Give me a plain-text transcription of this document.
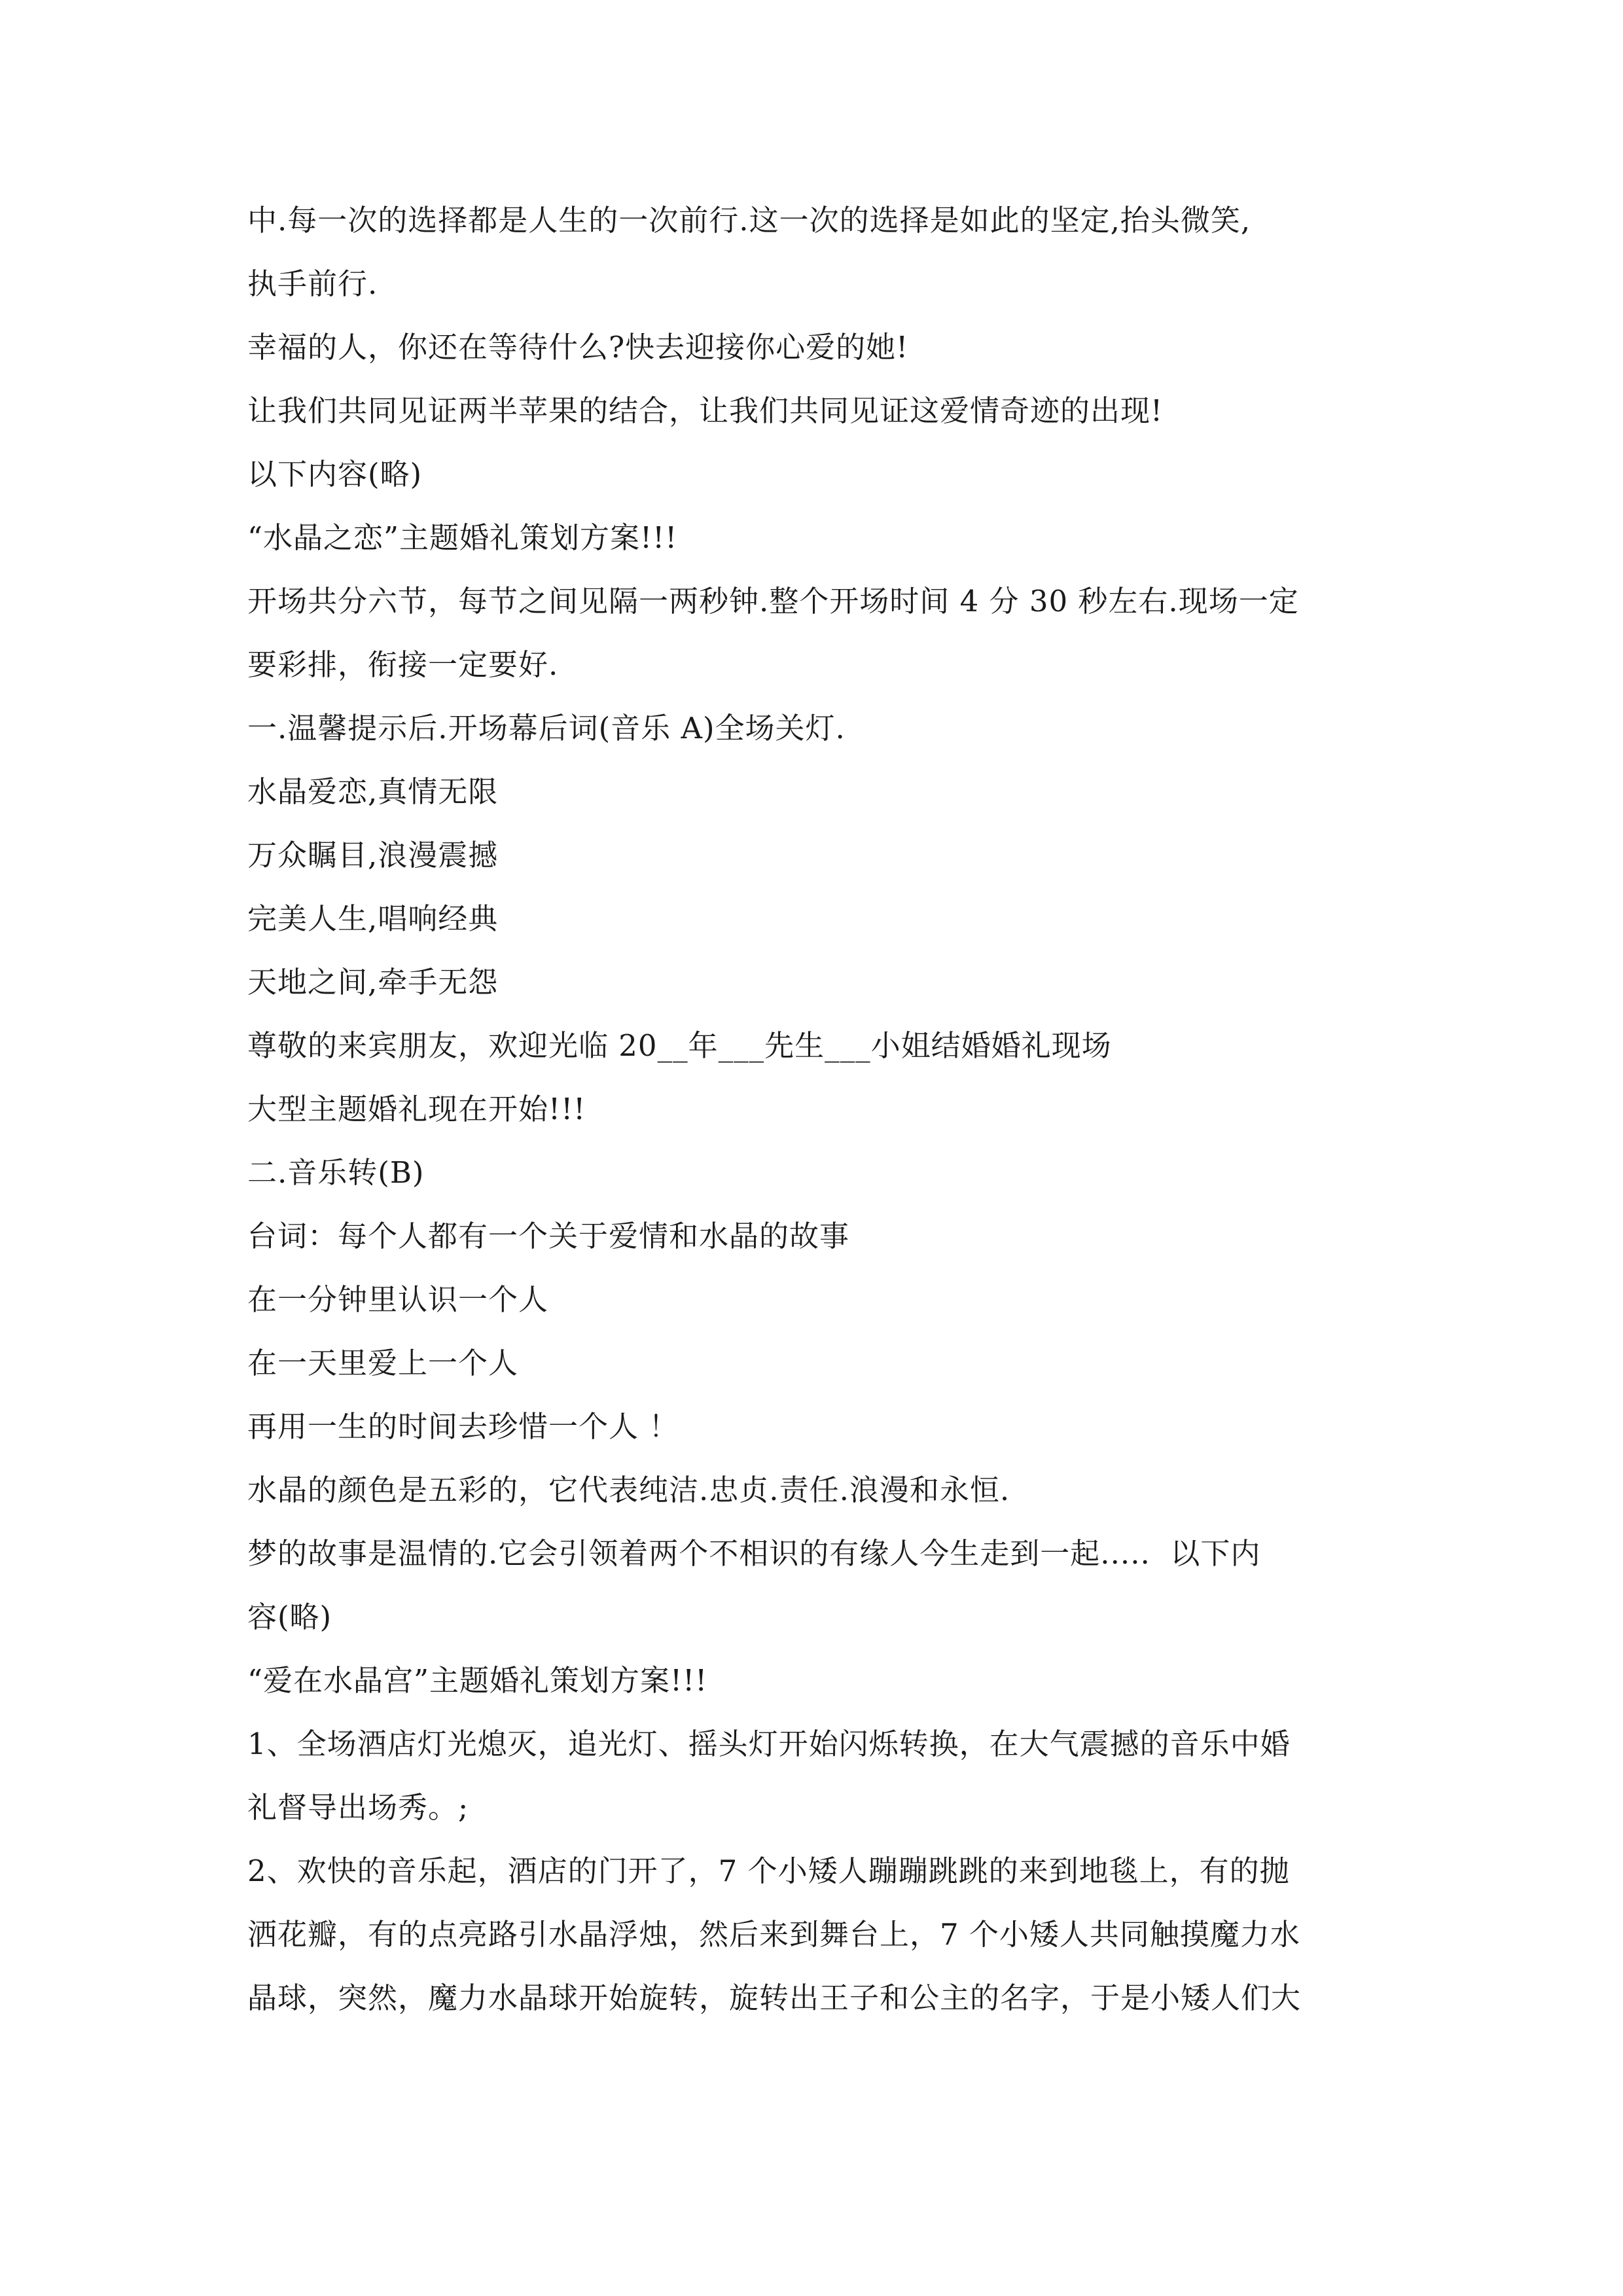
中.每一次的选择都是人生的一次前行.这一次的选择是如此的坚定,抬头微笑,
执手前行.
幸福的人，你还在等待什么?快去迎接你心爱的她!
让我们共同见证两半苹果的结合，让我们共同见证这爱情奇迹的出现!
以下内容(略)
“水晶之恋”主题婚礼策划方案!!!
开场共分六节，每节之间见隔一两秒钟.整个开场时间 4 分 30 秒左右.现场一定
要彩排，衔接一定要好.
一.温馨提示后.开场幕后词(音乐 A)全场关灯.
水晶爱恋,真情无限
万众瞩目,浪漫震撼
完美人生,唱响经典
天地之间,牵手无怨
尊敬的来宾朋友，欢迎光临 20__年___先生___小姐结婚婚礼现场
大型主题婚礼现在开始!!!
二.音乐转(B)
台词：每个人都有一个关于爱情和水晶的故事
在一分钟里认识一个人
在一天里爱上一个人
再用一生的时间去珍惜一个人 ！
水晶的颜色是五彩的，它代表纯洁.忠贞.责任.浪漫和永恒.
梦的故事是温情的.它会引领着两个不相识的有缘人今生走到一起.....  以下内
容(略)
“爱在水晶宫”主题婚礼策划方案!!!
1、全场酒店灯光熄灭，追光灯、摇头灯开始闪烁转换，在大气震撼的音乐中婚
礼督导出场秀。;
2、欢快的音乐起，酒店的门开了，7 个小矮人蹦蹦跳跳的来到地毯上，有的抛
洒花瓣，有的点亮路引水晶浮烛，然后来到舞台上，7 个小矮人共同触摸魔力水
晶球，突然，魔力水晶球开始旋转，旋转出王子和公主的名字，于是小矮人们大
